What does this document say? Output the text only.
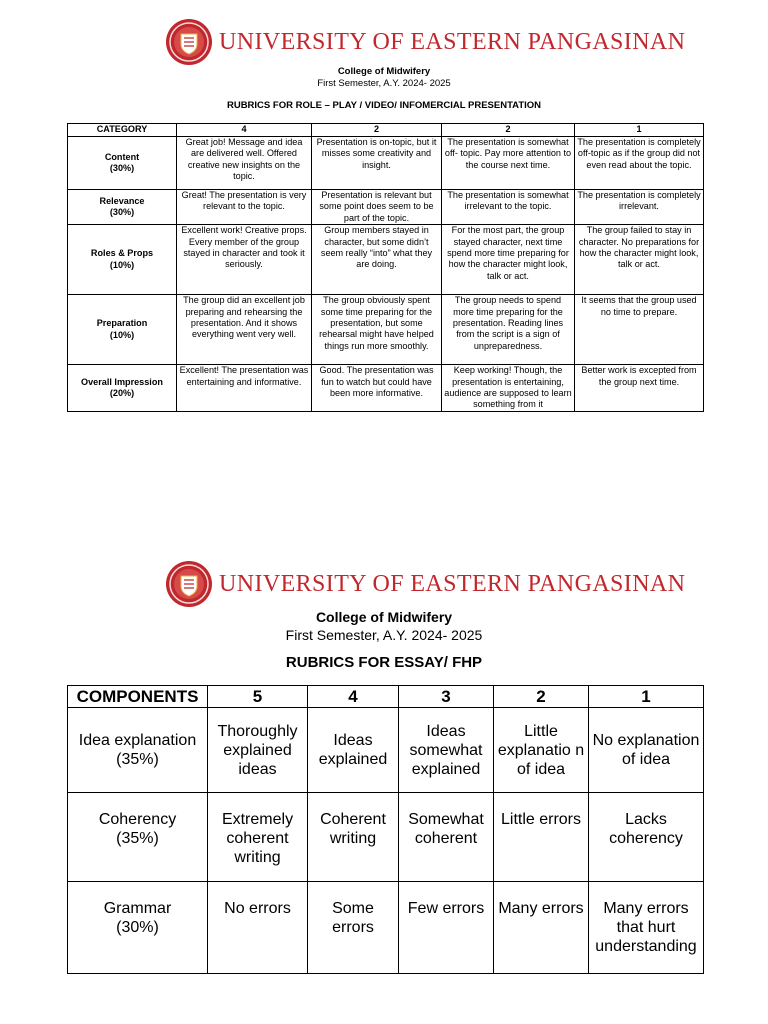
UNIVERSITY OF EASTERN PANGASINAN
College of Midwifery
First Semester, A.Y. 2024- 2025
RUBRICS FOR ROLE – PLAY / VIDEO/ INFOMERCIAL PRESENTATION
CATEGORY	4	2	2	1
Content
(30%)	Great job! Message and idea are delivered well. Offered creative new insights on the topic.	Presentation is on-topic, but it misses some creativity and insight.	The presentation is somewhat off- topic. Pay more attention to the course next time.	The presentation is completely off-topic as if the group did not even read about the topic.
Relevance
(30%)	Great! The presentation is very relevant to the topic.	Presentation is relevant but some point does seem to be part of the topic.	The presentation is somewhat irrelevant to the topic.	The presentation is completely irrelevant.
Roles & Props
(10%)	Excellent work! Creative props. Every member of the group stayed in character and took it seriously.	Group members stayed in character, but some didn’t seem really “into” what they are doing.	For the most part, the group stayed character, next time spend more time preparing for how the character might look, talk or act.	The group failed to stay in character. No preparations for how the character might look, talk or act.
Preparation
(10%)	The group did an excellent job preparing and rehearsing the presentation. And it shows everything went very well.	The group obviously spent some time preparing for the presentation, but some rehearsal might have helped things run more smoothly.	The group needs to spend more time preparing for the presentation. Reading lines from the script is a sign of unpreparedness.	It seems that the group used no time to prepare.
Overall Impression
(20%)	Excellent! The presentation was entertaining and informative.	Good. The presentation was fun to watch but could have been more informative.	Keep working! Though, the presentation is entertaining, audience are supposed to learn something from it	Better work is excepted from the group next time.
UNIVERSITY OF EASTERN PANGASINAN
College of Midwifery
First Semester, A.Y. 2024- 2025
RUBRICS FOR ESSAY/ FHP
COMPONENTS	5	4	3	2	1
Idea explanation
(35%)	Thoroughly explained ideas	Ideas explained	Ideas somewhat explained	Little explanatio n of idea	No explanation of idea
Coherency
(35%)	Extremely coherent writing	Coherent writing	Somewhat coherent	Little errors	Lacks coherency
Grammar
(30%)	No errors	Some errors	Few errors	Many errors	Many errors that hurt understanding
